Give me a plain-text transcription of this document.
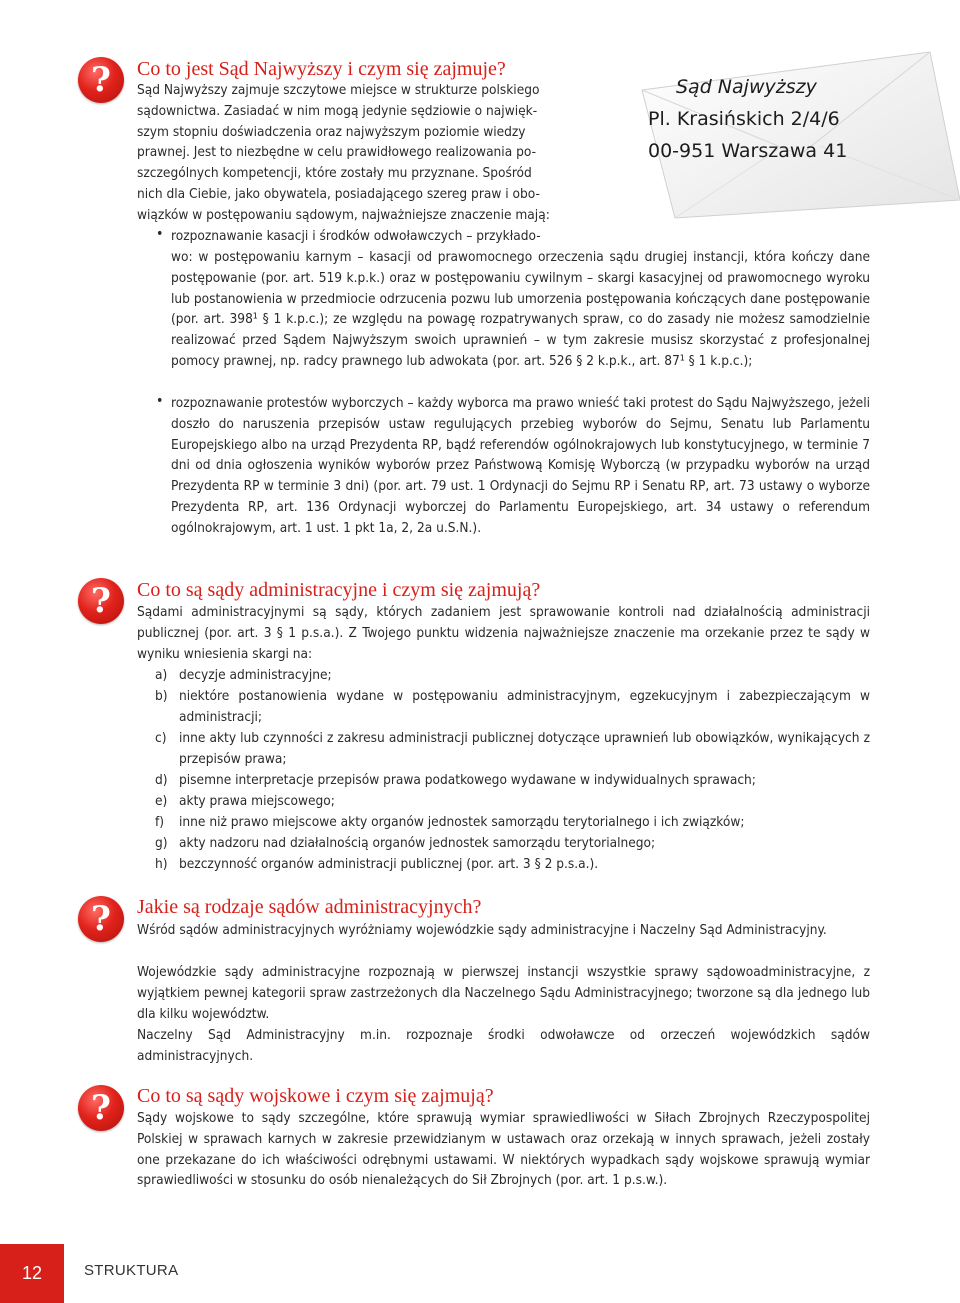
Sąd Najwyższy
Pl. Krasińskich 2/4/6
00-951 Warszawa 41
?	Co to jest Sąd Najwyższy i czym się zajmuje?
Sąd Najwyższy zajmuje szczytowe miejsce w strukturze polskiego
sądownictwa. Zasiadać w nim mogą jedynie sędziowie o najwięk-
szym stopniu doświadczenia oraz najwyższym poziomie wiedzy
prawnej. Jest to niezbędne w celu prawidłowego realizowania po-
szczególnych kompetencji, które zostały mu przyznane. Spośród
nich dla Ciebie, jako obywatela, posiadającego szereg praw i obo-
wiązków w postępowaniu sądowym, najważniejsze znaczenie mają:
• rozpoznawanie kasacji i środków odwoławczych – przykłado-

wo: w postępowaniu karnym – kasacji od prawomocnego orzeczenia sądu drugiej instancji, która kończy dane postępowanie (por. art. 519 k.p.k.) oraz w postępowaniu cywilnym – skargi kasacyjnej od prawomocnego wyroku lub postanowienia w przedmiocie odrzucenia pozwu lub umorzenia postępowania kończących dane postępowanie (por. art. 398¹ § 1 k.p.c.); ze względu na powagę rozpatrywanych spraw, co do zasady nie możesz samodzielnie realizować przed Sądem Najwyższym swoich uprawnień – w tym zakresie musisz skorzystać z profesjonalnej pomocy prawnej, np. radcy prawnego lub adwokata (por. art. 526 § 2 k.p.k., art. 87¹ § 1 k.p.c.);

• rozpoznawanie protestów wyborczych – każdy wyborca ma prawo wnieść taki protest do Sądu Najwyższego, jeżeli doszło do naruszenia przepisów ustaw regulujących przebieg wyborów do Sejmu, Senatu lub Parlamentu Europejskiego albo na urząd Prezydenta RP, bądź referendów ogólnokrajowych lub konstytucyjnego, w terminie 7 dni od dnia ogłoszenia wyników wyborów przez Państwową Komisję Wyborczą (w przypadku wyborów na urząd Prezydenta RP w terminie 3 dni) (por. art. 79 ust. 1 Ordynacji do Sejmu RP i Senatu RP, art. 73 ustawy o wyborze Prezydenta RP, art. 136 Ordynacji wyborczej do Parlamentu Europejskiego, art. 34 ustawy o referendum ogólnokrajowym, art. 1 ust. 1 pkt 1a, 2, 2a u.S.N.).

?	Co to są sądy administracyjne i czym się zajmują?

Sądami administracyjnymi są sądy, których zadaniem jest sprawowanie kontroli nad działalnością administracji publicznej (por. art. 3 § 1 p.s.a.). Z Twojego punktu widzenia najważniejsze znaczenie ma orzekanie przez te sądy w wyniku wniesienia skargi na:

a) decyzje administracyjne;

b) niektóre postanowienia wydane w postępowaniu administracyjnym, egzekucyjnym i zabezpieczającym w administracji;

c) inne akty lub czynności z zakresu administracji publicznej dotyczące uprawnień lub obowiązków, wynikających z przepisów prawa;

d) pisemne interpretacje przepisów prawa podatkowego wydawane w indywidualnych sprawach;

e) akty prawa miejscowego;

f) inne niż prawo miejscowe akty organów jednostek samorządu terytorialnego i ich związków;

g) akty nadzoru nad działalnością organów jednostek samorządu terytorialnego;

h) bezczynność organów administracji publicznej (por. art. 3 § 2 p.s.a.).

?	Jakie są rodzaje sądów administracyjnych?

Wśród sądów administracyjnych wyróżniamy wojewódzkie sądy administracyjne i Naczelny Sąd Administracyjny.

Wojewódzkie sądy administracyjne rozpoznają w pierwszej instancji wszystkie sprawy sądowoadministracyjne, z wyjątkiem pewnej kategorii spraw zastrzeżonych dla Naczelnego Sądu Administracyjnego; tworzone są dla jednego lub dla kilku województw.

Naczelny Sąd Administracyjny m.in. rozpoznaje środki odwoławcze od orzeczeń wojewódzkich sądów administracyjnych.

?	Co to są sądy wojskowe i czym się zajmują?

Sądy wojskowe to sądy szczególne, które sprawują wymiar sprawiedliwości w Siłach Zbrojnych Rzeczypospolitej Polskiej w sprawach karnych w zakresie przewidzianym w ustawach oraz orzekają w innych sprawach, jeżeli zostały one przekazane do ich właściwości odrębnymi ustawami. W niektórych wypadkach sądy wojskowe sprawują wymiar sprawiedliwości w stosunku do osób nienależących do Sił Zbrojnych (por. art. 1 p.s.w.).

12	STRUKTURA
